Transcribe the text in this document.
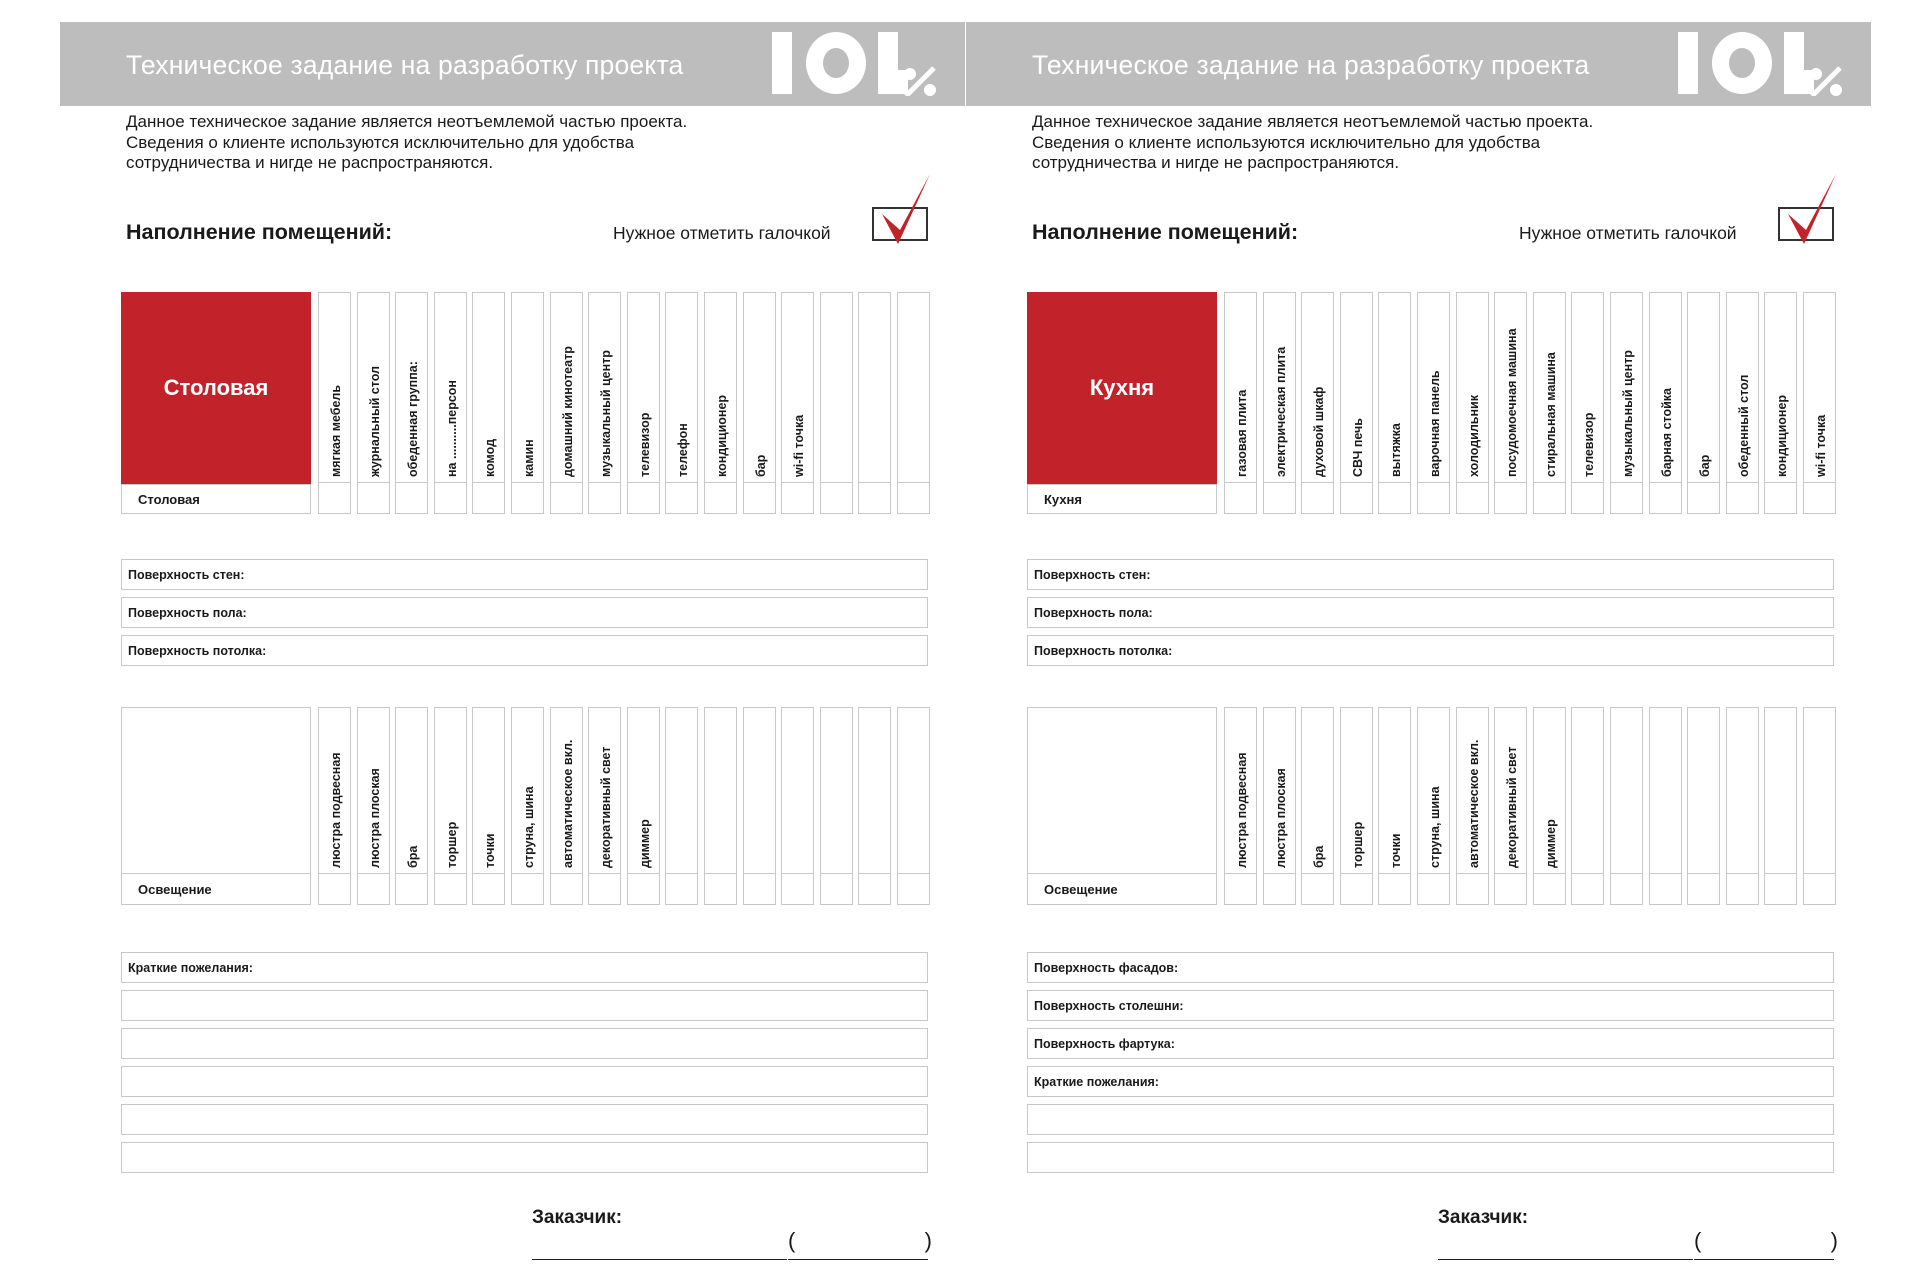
Техническое задание на разработку проекта
Данное техническое задание является неотъемлемой частью проекта.
Сведения о клиенте используются исключительно для удобства
сотрудничества и нигде не распространяются.
Наполнение помещений:	Нужное отметить галочкой
Столовая
Столовая
мягкая мебель	журнальный стол	обеденная группа:	на ..........персон	комод	камин	домашний кинотеатр	музыкальный центр	телевизор	телефон	кондиционер	бар	wi-fi точка
Поверхность стен:
Поверхность пола:
Поверхность потолка:
Освещение
люстра подвесная	люстра плоская	бра	торшер	точки	струна, шина	автоматическое вкл.	декоративный свет	диммер
Краткие пожелания:
Заказчик:
(	)
Техническое задание на разработку проекта
Данное техническое задание является неотъемлемой частью проекта.
Сведения о клиенте используются исключительно для удобства
сотрудничества и нигде не распространяются.
Наполнение помещений:	Нужное отметить галочкой
Кухня
Кухня
газовая плита	электрическая плита	духовой шкаф	СВЧ печь	вытяжка	варочная панель	холодильник	посудомоечная машина	стиральная машина	телевизор	музыкальный центр	барная стойка	бар	обеденный стол	кондиционер	wi-fi точка
Поверхность стен:
Поверхность пола:
Поверхность потолка:
Освещение
люстра подвесная	люстра плоская	бра	торшер	точки	струна, шина	автоматическое вкл.	декоративный свет	диммер
Поверхность фасадов:
Поверхность столешни:
Поверхность фартука:
Краткие пожелания:
Заказчик:
(	)
